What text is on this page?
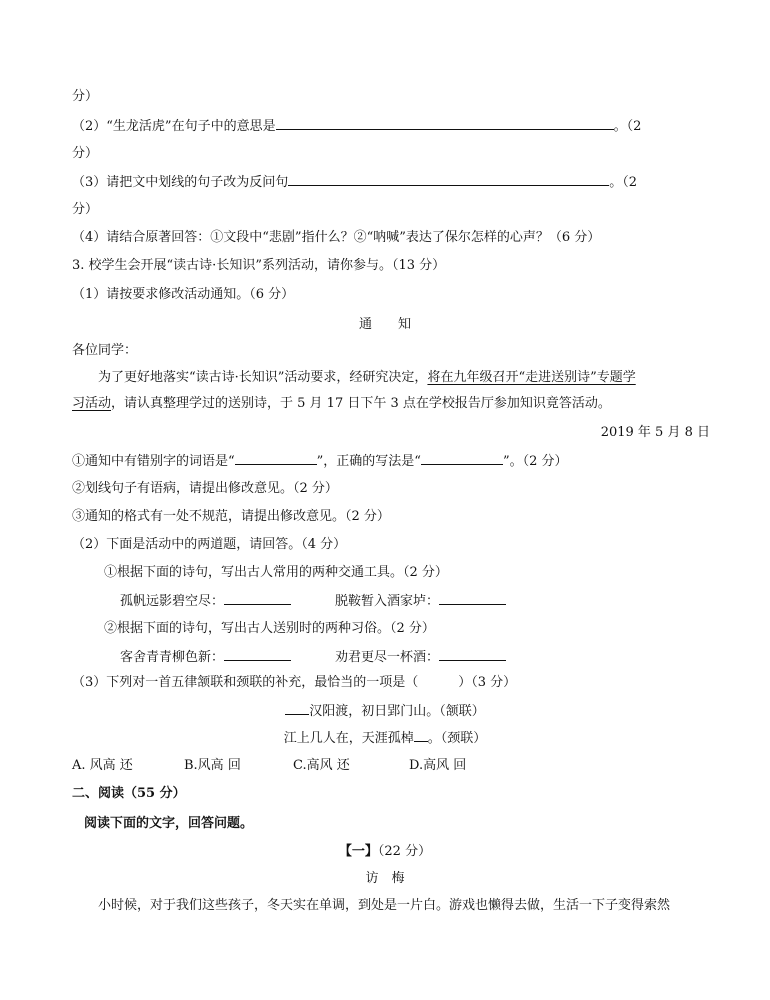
分）
（2）“生龙活虎”在句子中的意思是	。（2
分）
（3）请把文中划线的句子改为反问句	。（2
分）
（4）请结合原著回答：①文段中“悲剧”指什么？②“呐喊”表达了保尔怎样的心声？（6 分）
3. 校学生会开展“读古诗·长知识”系列活动，请你参与。（13 分）
（1）请按要求修改活动通知。（6 分）
通　　知
各位同学：
为了更好地落实“读古诗·长知识”活动要求，经研究决定，将在九年级召开“走进送别诗”专题学
习活动，请认真整理学过的送别诗，于 5 月 17 日下午 3 点在学校报告厅参加知识竟答活动。
2019 年 5 月 8 日
①通知中有错别字的词语是“	”，正确的写法是“	”。（2 分）
②划线句子有语病，请提出修改意见。（2 分）
③通知的格式有一处不规范，请提出修改意见。（2 分）
（2）下面是活动中的两道题，请回答。（4 分）
①根据下面的诗句，写出古人常用的两种交通工具。（2 分）
孤帆远影碧空尽：	脱鞍暂入酒家垆：
②根据下面的诗句，写出古人送别时的两种习俗。（2 分）
客舍青青柳色新：	劝君更尽一杯酒：
（3）下列对一首五律颔联和颈联的补充，最恰当的一项是（	）（3 分）
汉阳渡，初日郢门山。（颔联）
江上几人在，天涯孤棹 。（颈联）
A. 风高 还	B.风高 回	C.高风 还	D.高风 回
二、阅读（55 分）
阅读下面的文字，回答问题。
【一】（22 分）
访　梅
小时候，对于我们这些孩子，冬天实在单调，到处是一片白。游戏也懒得去做，生活一下子变得索然
